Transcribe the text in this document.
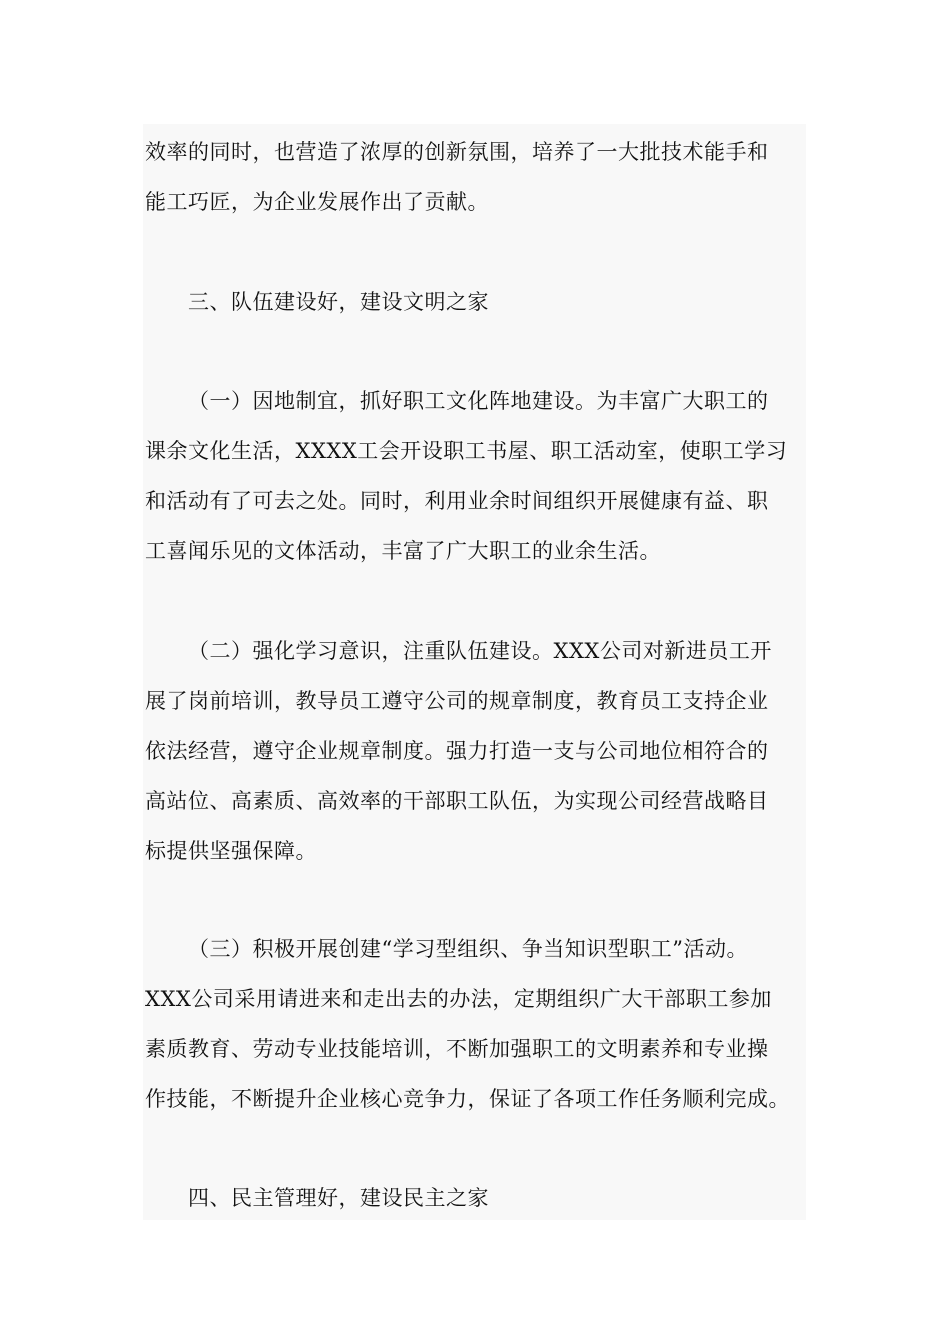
效率的同时，也营造了浓厚的创新氛围，培养了一大批技术能手和
能工巧匠，为企业发展作出了贡献。
三、队伍建设好，建设文明之家
（一）因地制宜，抓好职工文化阵地建设。为丰富广大职工的
课余文化生活，XXXX工会开设职工书屋、职工活动室，使职工学习
和活动有了可去之处。同时，利用业余时间组织开展健康有益、职
工喜闻乐见的文体活动，丰富了广大职工的业余生活。
（二）强化学习意识，注重队伍建设。XXX公司对新进员工开
展了岗前培训，教导员工遵守公司的规章制度，教育员工支持企业
依法经营，遵守企业规章制度。强力打造一支与公司地位相符合的
高站位、高素质、高效率的干部职工队伍，为实现公司经营战略目
标提供坚强保障。
（三）积极开展创建“学习型组织、争当知识型职工”活动。
XXX公司采用请进来和走出去的办法，定期组织广大干部职工参加
素质教育、劳动专业技能培训，不断加强职工的文明素养和专业操
作技能，不断提升企业核心竞争力，保证了各项工作任务顺利完成。
四、民主管理好，建设民主之家
